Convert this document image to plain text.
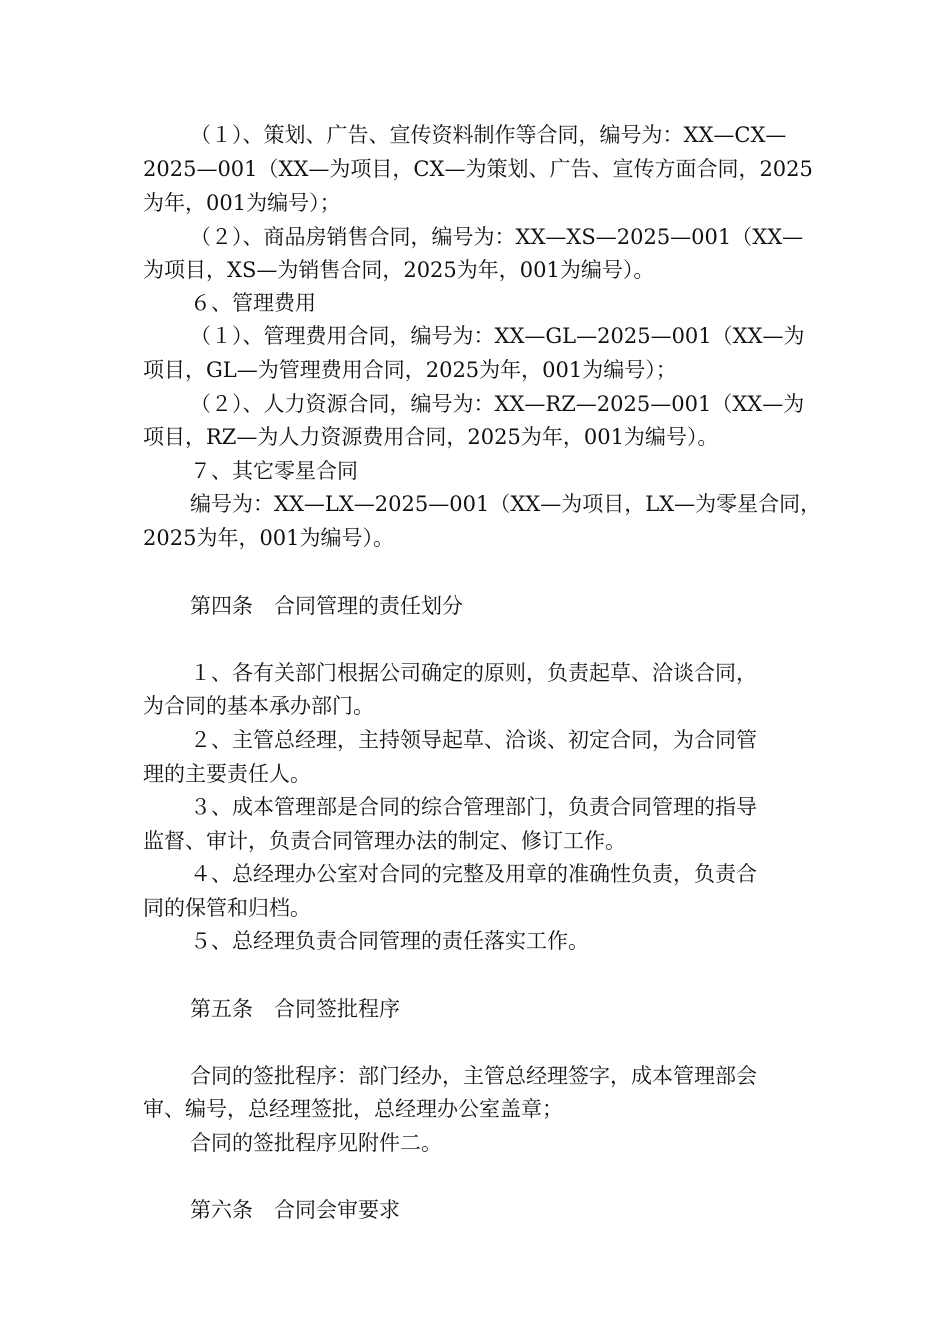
（１）、策划、广告、宣传资料制作等合同，编号为：XX—CX—
2025—001（XX—为项目，CX—为策划、广告、宣传方面合同，2025
为年，001为编号）；
（２）、商品房销售合同，编号为：XX—XS—2025—001（XX—
为项目，XS—为销售合同，2025为年，001为编号）。
６、管理费用
（１）、管理费用合同，编号为：XX—GL—2025—001（XX—为
项目，GL—为管理费用合同，2025为年，001为编号）；
（２）、人力资源合同，编号为：XX—RZ—2025—001（XX—为
项目，RZ—为人力资源费用合同，2025为年，001为编号）。
７、其它零星合同
编号为：XX—LX—2025—001（XX—为项目，LX—为零星合同，
2025为年，001为编号）。
第四条　合同管理的责任划分
１、各有关部门根据公司确定的原则，负责起草、洽谈合同，
为合同的基本承办部门。
２、主管总经理，主持领导起草、洽谈、初定合同，为合同管
理的主要责任人。
３、成本管理部是合同的综合管理部门，负责合同管理的指导
监督、审计，负责合同管理办法的制定、修订工作。
４、总经理办公室对合同的完整及用章的准确性负责，负责合
同的保管和归档。
５、总经理负责合同管理的责任落实工作。
第五条　合同签批程序
合同的签批程序：部门经办，主管总经理签字，成本管理部会
审、编号，总经理签批，总经理办公室盖章；
合同的签批程序见附件二。
第六条　合同会审要求
